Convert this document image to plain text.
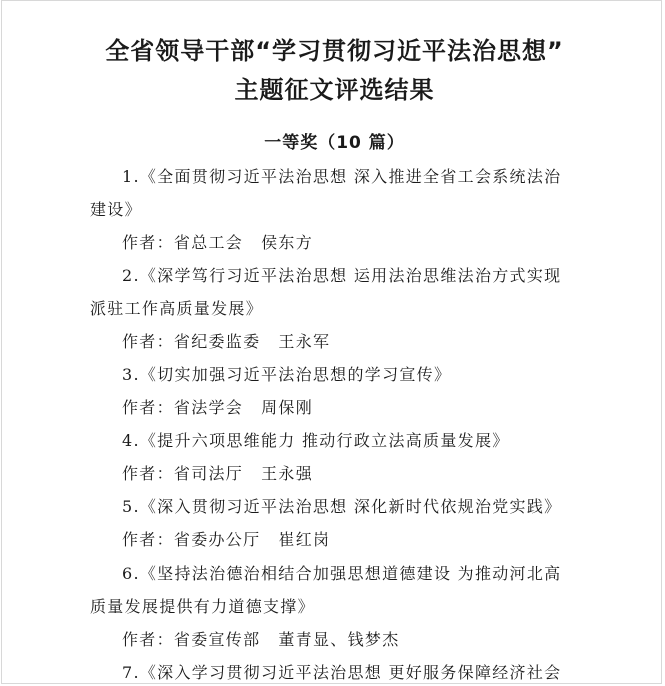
全省领导干部“学习贯彻习近平法治思想”
主题征文评选结果
一等奖（10 篇）

1.《全面贯彻习近平法治思想 深入推进全省工会系统法治

建设》

作者：省总工会 侯东方

2.《深学笃行习近平法治思想 运用法治思维法治方式实现

派驻工作高质量发展》

作者：省纪委监委 王永军

3.《切实加强习近平法治思想的学习宣传》

作者：省法学会 周保刚

4.《提升六项思维能力 推动行政立法高质量发展》

作者：省司法厅 王永强

5.《深入贯彻习近平法治思想 深化新时代依规治党实践》

作者：省委办公厅 崔红岗

6.《坚持法治德治相结合加强思想道德建设 为推动河北高

质量发展提供有力道德支撑》

作者：省委宣传部 董青显、钱梦杰

7.《深入学习贯彻习近平法治思想 更好服务保障经济社会
